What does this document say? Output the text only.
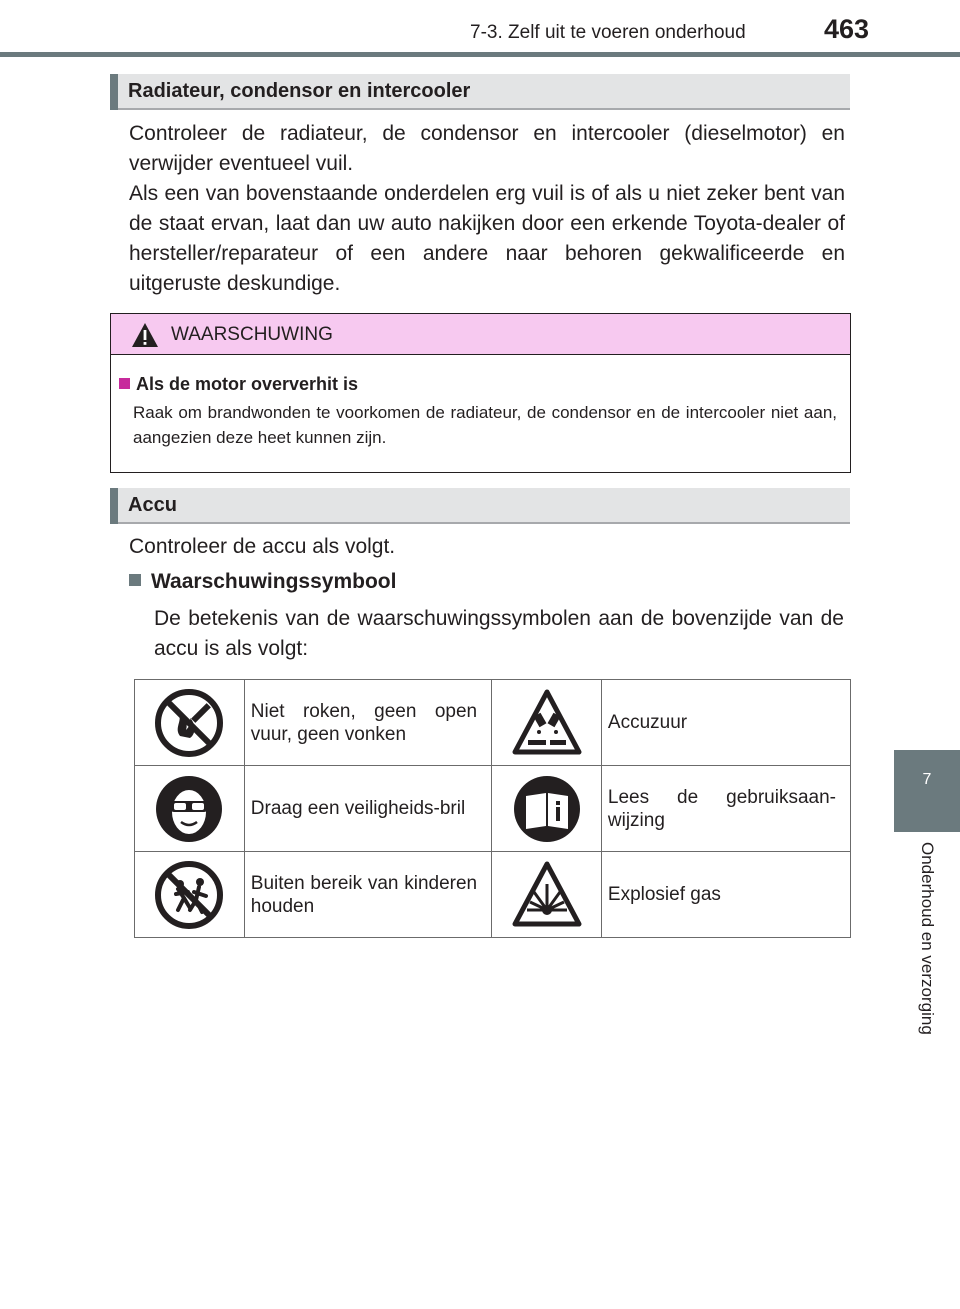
7-3. Zelf uit te voeren onderhoud	463
7
Onderhoud en verzorging
Radiateur, condensor en intercooler
Controleer de radiateur, de condensor en intercooler (dieselmotor) en verwijder eventueel vuil.
Als een van bovenstaande onderdelen erg vuil is of als u niet zeker bent van de staat ervan, laat dan uw auto nakijken door een erkende Toyota-dealer of hersteller/reparateur of een andere naar behoren gekwalificeerde en uitgeruste deskundige.
WAARSCHUWING
Als de motor oververhit is
Raak om brandwonden te voorkomen de radiateur, de condensor en de intercooler niet aan, aangezien deze heet kunnen zijn.
Accu
Controleer de accu als volgt.
Waarschuwingssymbool
De betekenis van de waarschuwingssymbolen aan de bovenzijde van de accu is als volgt:
	Niet roken, geen open vuur, geen vonken		Accuzuur

	Draag een veiligheids-bril		Lees de gebruiksaan-wijzing

	Buiten bereik van kinderen houden		Explosief gas
